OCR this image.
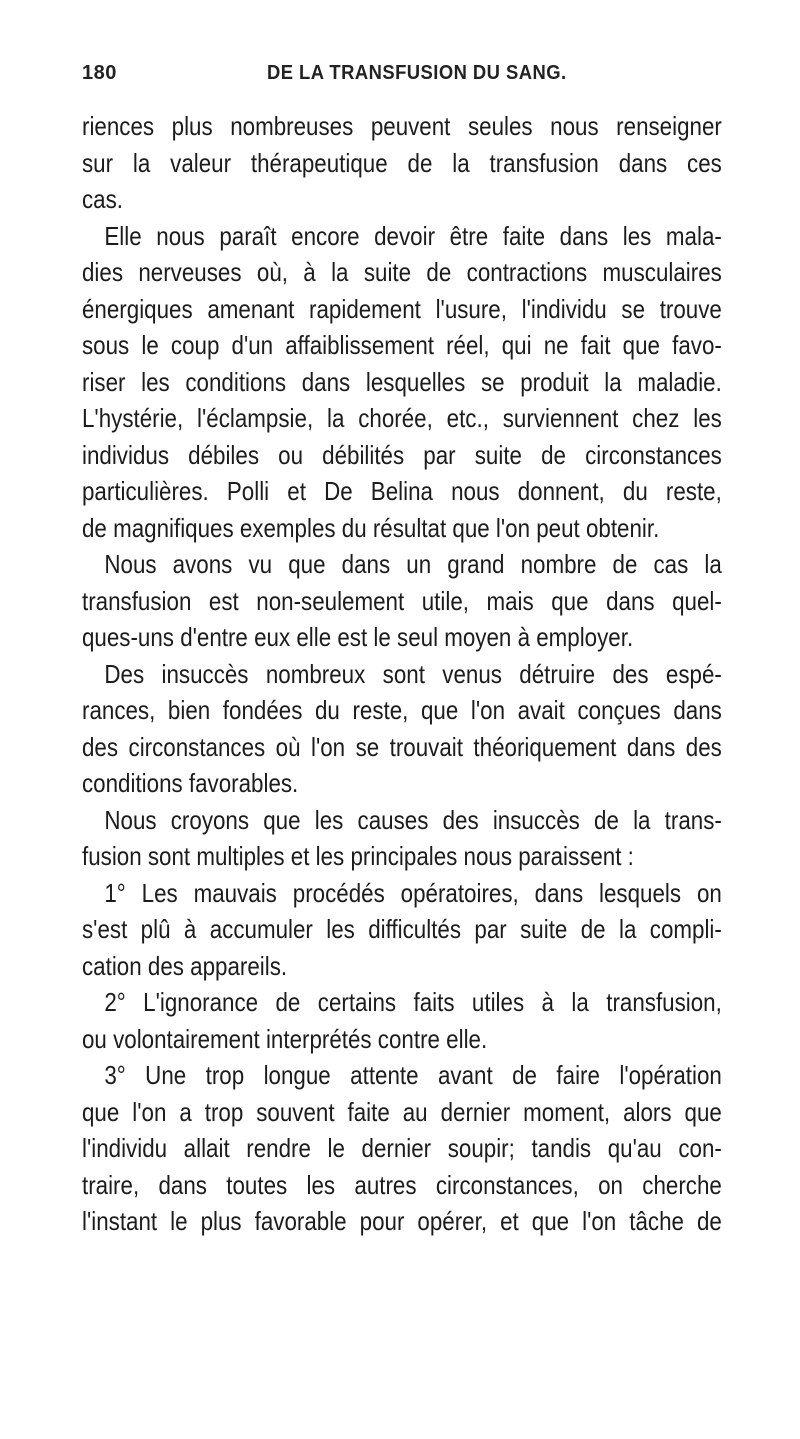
180	DE LA TRANSFUSION DU SANG.
riences plus nombreuses peuvent seules nous renseigner
sur la valeur thérapeutique de la transfusion dans ces
cas.
Elle nous paraît encore devoir être faite dans les mala-
dies nerveuses où, à la suite de contractions musculaires
énergiques amenant rapidement l'usure, l'individu se trouve
sous le coup d'un affaiblissement réel, qui ne fait que favo-
riser les conditions dans lesquelles se produit la maladie.
L'hystérie, l'éclampsie, la chorée, etc., surviennent chez les
individus débiles ou débilités par suite de circonstances
particulières. Polli et De Belina nous donnent, du reste,
de magnifiques exemples du résultat que l'on peut obtenir.
Nous avons vu que dans un grand nombre de cas la
transfusion est non-seulement utile, mais que dans quel-
ques-uns d'entre eux elle est le seul moyen à employer.
Des insuccès nombreux sont venus détruire des espé-
rances, bien fondées du reste, que l'on avait conçues dans
des circonstances où l'on se trouvait théoriquement dans des
conditions favorables.
Nous croyons que les causes des insuccès de la trans-
fusion sont multiples et les principales nous paraissent :
1° Les mauvais procédés opératoires, dans lesquels on
s'est plû à accumuler les difficultés par suite de la compli-
cation des appareils.
2° L'ignorance de certains faits utiles à la transfusion,
ou volontairement interprétés contre elle.
3° Une trop longue attente avant de faire l'opération
que l'on a trop souvent faite au dernier moment, alors que
l'individu allait rendre le dernier soupir; tandis qu'au con-
traire, dans toutes les autres circonstances, on cherche
l'instant le plus favorable pour opérer, et que l'on tâche de
